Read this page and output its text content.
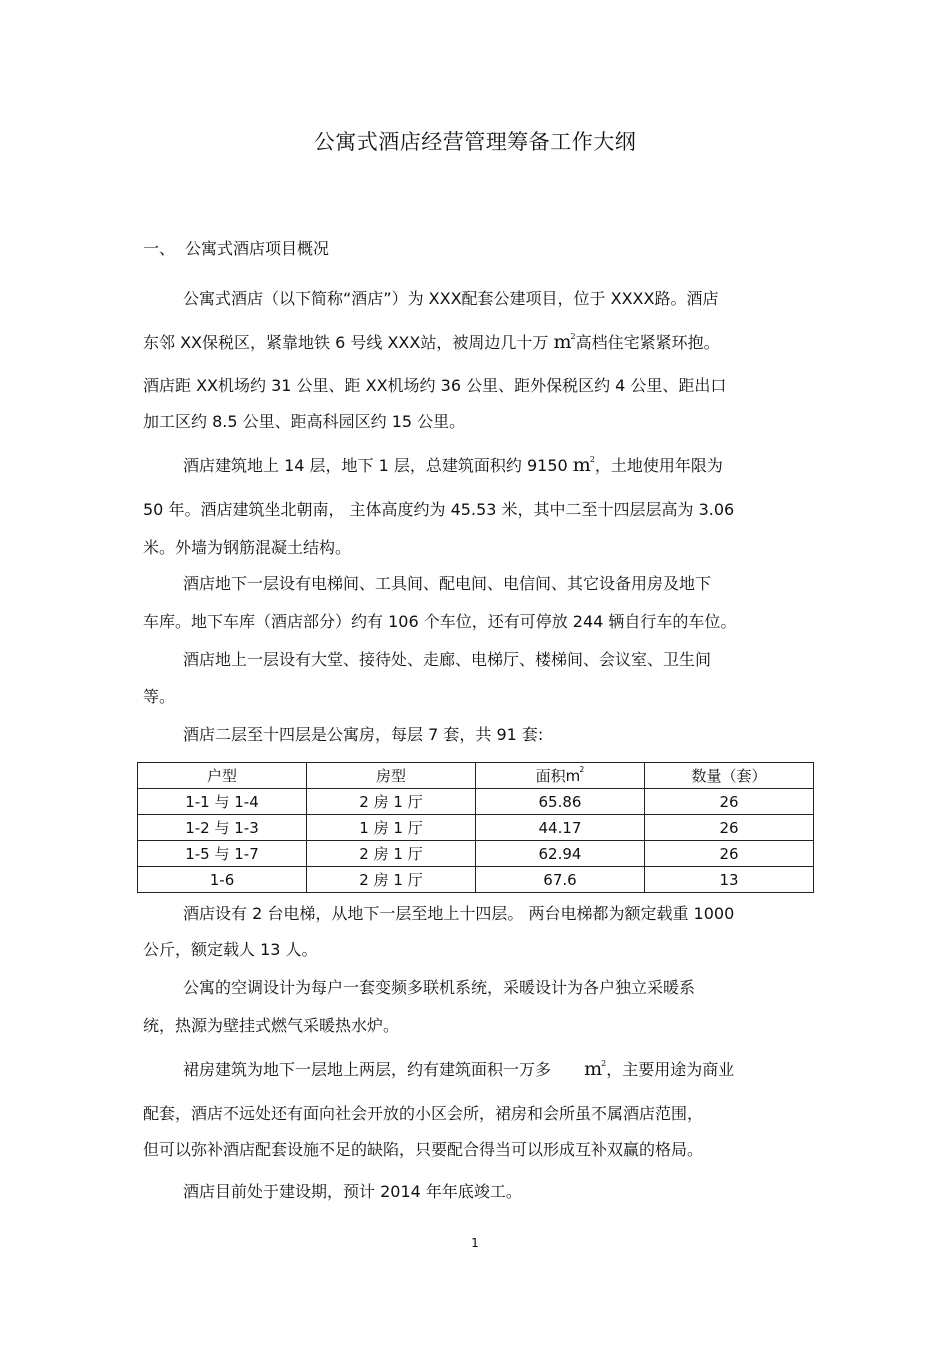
公寓式酒店经营管理筹备工作大纲
一、 公寓式酒店项目概况
公寓式酒店（以下简称“酒店”）为 XXX配套公建项目，位于 XXXX路。酒店
东邻 XX保税区，紧靠地铁 6 号线 XXX站，被周边几十万 $m^2$高档住宅紧紧环抱。
酒店距 XX机场约 31 公里、距 XX机场约 36 公里、距外保税区约 4 公里、距出口
加工区约 8.5 公里、距高科园区约 15 公里。
酒店建筑地上 14 层，地下 1 层，总建筑面积约 9150 $m^2$，土地使用年限为
50 年。酒店建筑坐北朝南， 主体高度约为 45.53 米，其中二至十四层层高为 3.06
米。外墙为钢筋混凝土结构。
酒店地下一层设有电梯间、工具间、配电间、电信间、其它设备用房及地下
车库。地下车库（酒店部分）约有 106 个车位，还有可停放 244 辆自行车的车位。
酒店地上一层设有大堂、接待处、走廊、电梯厅、楼梯间、会议室、卫生间
等。
酒店二层至十四层是公寓房，每层 7 套，共 91 套:
户型	房型	面积$m^2$	数量（套）
1-1 与 1-4	2 房 1 厅	65.86	26
1-2 与 1-3	1 房 1 厅	44.17	26
1-5 与 1-7	2 房 1 厅	62.94	26
1-6	2 房 1 厅	67.6	13
酒店设有 2 台电梯，从地下一层至地上十四层。 两台电梯都为额定载重 1000
公斤，额定载人 13 人。
公寓的空调设计为每户一套变频多联机系统，采暖设计为各户独立采暖系
统，热源为壁挂式燃气采暖热水炉。
裙房建筑为地下一层地上两层，约有建筑面积一万多 $m^2$，主要用途为商业
配套，酒店不远处还有面向社会开放的小区会所，裙房和会所虽不属酒店范围，
但可以弥补酒店配套设施不足的缺陷，只要配合得当可以形成互补双赢的格局。
酒店目前处于建设期，预计 2014 年年底竣工。
1
